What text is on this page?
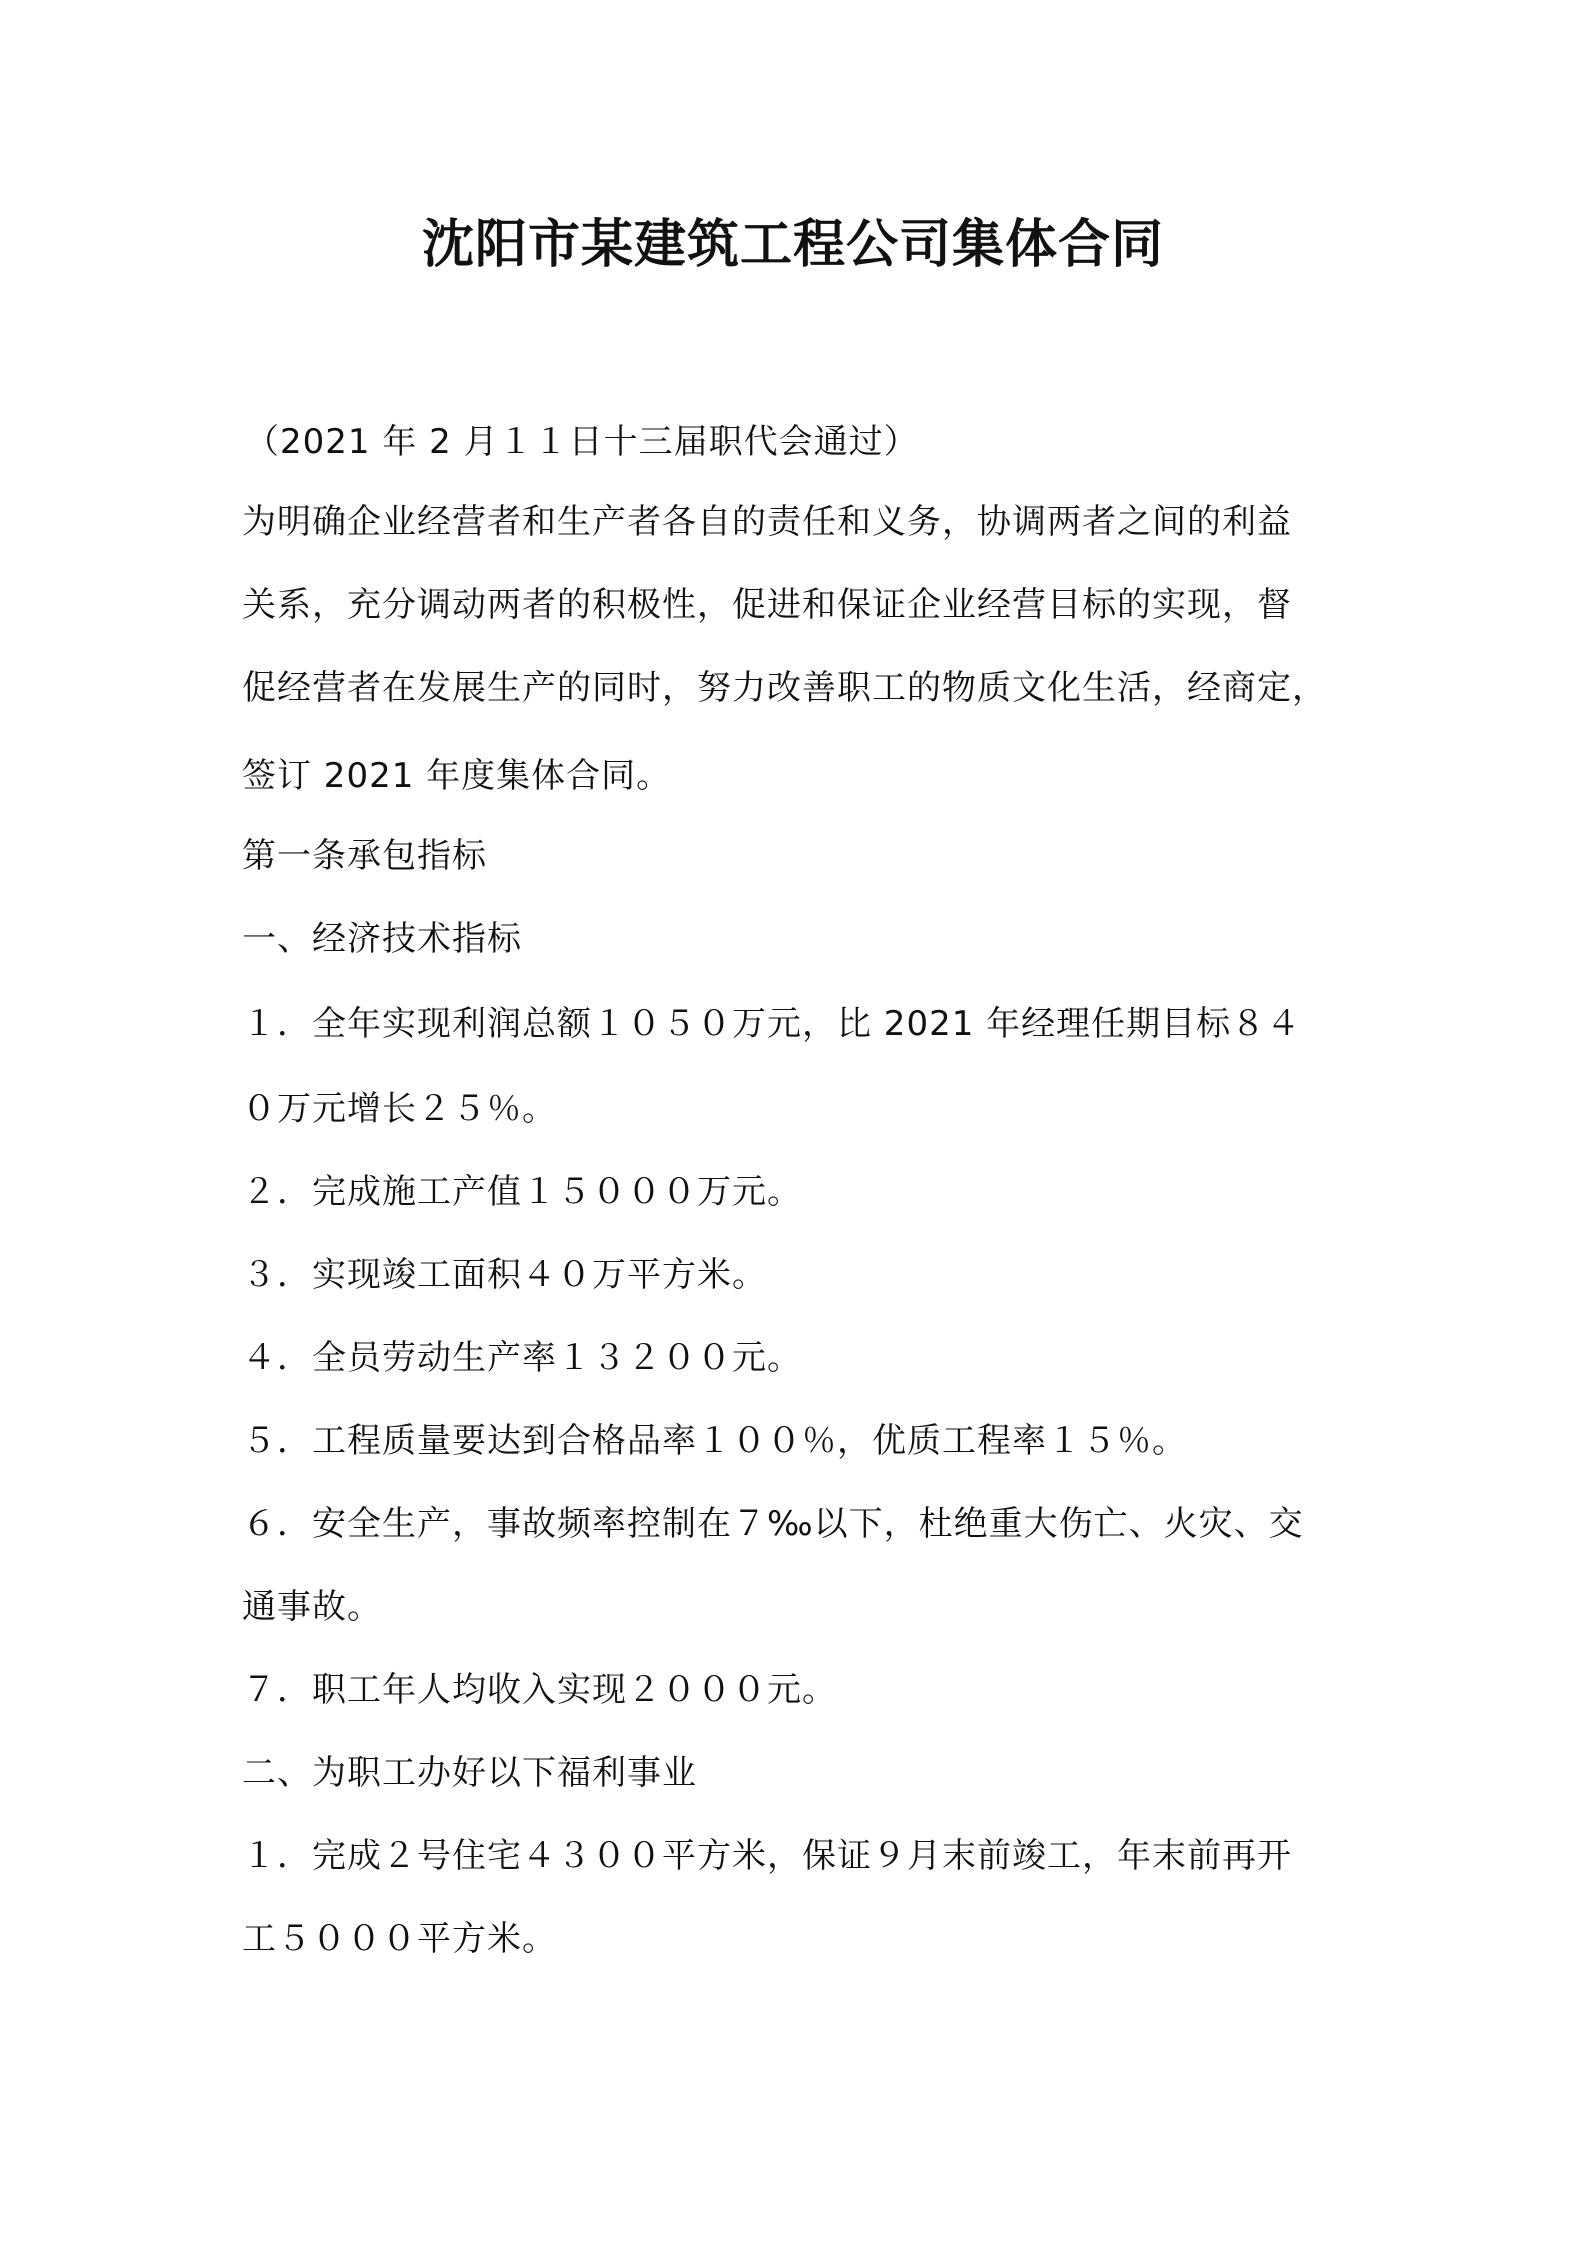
沈阳市某建筑工程公司集体合同
（2021 年 2 月１１日十三届职代会通过）
为明确企业经营者和生产者各自的责任和义务，协调两者之间的利益
关系，充分调动两者的积极性，促进和保证企业经营目标的实现，督
促经营者在发展生产的同时，努力改善职工的物质文化生活，经商定，
签订 2021 年度集体合同。
第一条承包指标
一、经济技术指标
１．全年实现利润总额１０５０万元，比 2021 年经理任期目标８４
０万元增长２５％。
２．完成施工产值１５０００万元。
３．实现竣工面积４０万平方米。
４．全员劳动生产率１３２００元。
５．工程质量要达到合格品率１００％，优质工程率１５％。
６．安全生产，事故频率控制在７‰以下，杜绝重大伤亡、火灾、交
通事故。
７．职工年人均收入实现２０００元。
二、为职工办好以下福利事业
１．完成２号住宅４３００平方米，保证９月末前竣工，年末前再开
工５０００平方米。
